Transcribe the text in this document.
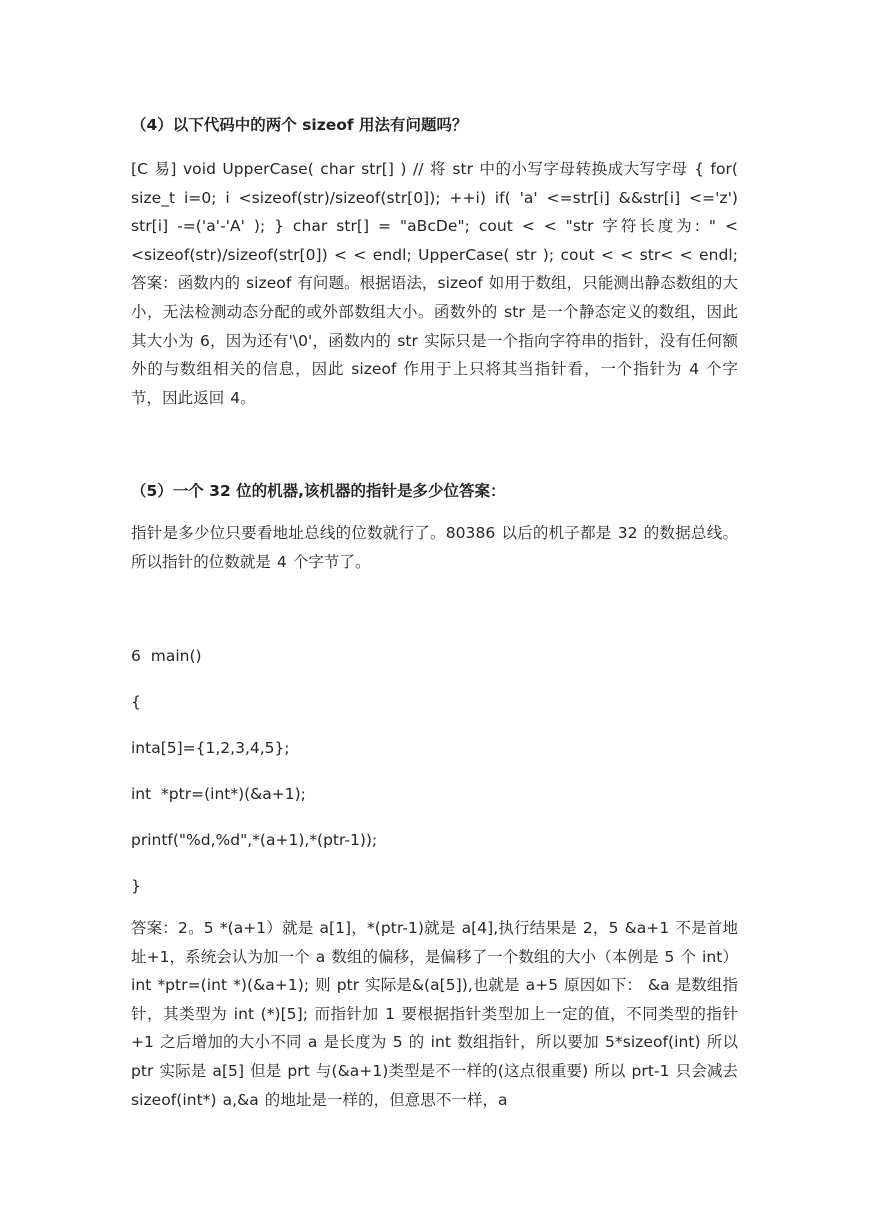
（4）以下代码中的两个 sizeof 用法有问题吗？

[C 易] void UpperCase( char str[] ) // 将 str 中的小写字母转换成大写字母 { for( size_t i=0; i <sizeof(str)/sizeof(str[0]); ++i) if( 'a' <=str[i] &&str[i] <='z') str[i] -=('a'-'A' ); } char str[] = "aBcDe"; cout < < "str 字符长度为: " < <sizeof(str)/sizeof(str[0]) < < endl; UpperCase( str ); cout < < str< < endl; 答案：函数内的 sizeof 有问题。根据语法，sizeof 如用于数组，只能测出静态数组的大小，无法检测动态分配的或外部数组大小。函数外的 str 是一个静态定义的数组，因此其大小为 6，因为还有'\0'，函数内的 str 实际只是一个指向字符串的指针，没有任何额外的与数组相关的信息，因此 sizeof 作用于上只将其当指针看，一个指针为 4 个字节，因此返回 4。

（5）一个 32 位的机器,该机器的指针是多少位答案：

指针是多少位只要看地址总线的位数就行了。80386 以后的机子都是 32 的数据总线。所以指针的位数就是 4 个字节了。

6  main()
{
inta[5]={1,2,3,4,5};
int  *ptr=(int*)(&a+1);
printf("%d,%d",*(a+1),*(ptr-1));
}

答案：2。5 *(a+1）就是 a[1]，*(ptr-1)就是 a[4],执行结果是 2，5 &a+1 不是首地址+1，系统会认为加一个 a 数组的偏移，是偏移了一个数组的大小（本例是 5 个 int） int *ptr=(int *)(&a+1); 则 ptr 实际是&(a[5]),也就是 a+5 原因如下： &a 是数组指针，其类型为 int (*)[5]; 而指针加 1 要根据指针类型加上一定的值，不同类型的指针+1 之后增加的大小不同 a 是长度为 5 的 int 数组指针，所以要加 5*sizeof(int) 所以 ptr 实际是 a[5] 但是 prt 与(&a+1)类型是不一样的(这点很重要) 所以 prt-1 只会减去 sizeof(int*) a,&a 的地址是一样的，但意思不一样，a
